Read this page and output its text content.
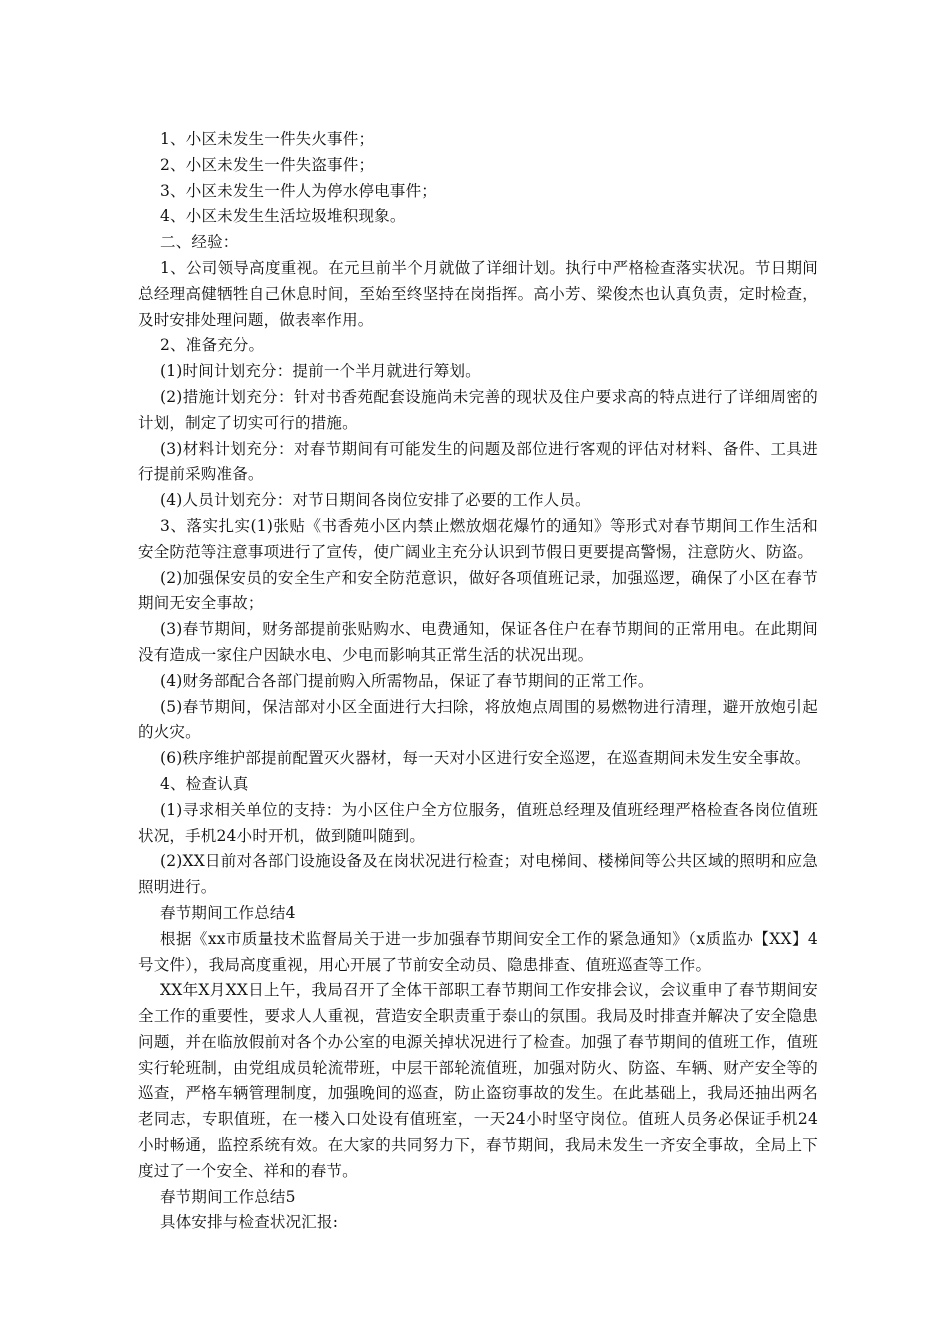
1、小区未发生一件失火事件；

2、小区未发生一件失盗事件；

3、小区未发生一件人为停水停电事件；

4、小区未发生生活垃圾堆积现象。

二、经验：

1、公司领导高度重视。在元旦前半个月就做了详细计划。执行中严格检查落实状况。节日期间总经理高健牺牲自己休息时间，至始至终坚持在岗指挥。高小芳、梁俊杰也认真负责，定时检查，及时安排处理问题，做表率作用。

2、准备充分。

(1)时间计划充分：提前一个半月就进行筹划。

(2)措施计划充分：针对书香苑配套设施尚未完善的现状及住户要求高的特点进行了详细周密的计划，制定了切实可行的措施。

(3)材料计划充分：对春节期间有可能发生的问题及部位进行客观的评估对材料、备件、工具进行提前采购准备。

(4)人员计划充分：对节日期间各岗位安排了必要的工作人员。

3、落实扎实(1)张贴《书香苑小区内禁止燃放烟花爆竹的通知》等形式对春节期间工作生活和安全防范等注意事项进行了宣传，使广阔业主充分认识到节假日更要提高警惕，注意防火、防盗。

(2)加强保安员的安全生产和安全防范意识，做好各项值班记录，加强巡逻，确保了小区在春节期间无安全事故；

(3)春节期间，财务部提前张贴购水、电费通知，保证各住户在春节期间的正常用电。在此期间没有造成一家住户因缺水电、少电而影响其正常生活的状况出现。

(4)财务部配合各部门提前购入所需物品，保证了春节期间的正常工作。

(5)春节期间，保洁部对小区全面进行大扫除，将放炮点周围的易燃物进行清理，避开放炮引起的火灾。

(6)秩序维护部提前配置灭火器材，每一天对小区进行安全巡逻，在巡查期间未发生安全事故。

4、检查认真

(1)寻求相关单位的支持：为小区住户全方位服务，值班总经理及值班经理严格检查各岗位值班状况，手机24小时开机，做到随叫随到。

(2)XX日前对各部门设施设备及在岗状况进行检查；对电梯间、楼梯间等公共区域的照明和应急照明进行。

春节期间工作总结4

根据《xx市质量技术监督局关于进一步加强春节期间安全工作的紧急通知》（x质监办【XX】4号文件），我局高度重视，用心开展了节前安全动员、隐患排查、值班巡查等工作。

XX年X月XX日上午，我局召开了全体干部职工春节期间工作安排会议，会议重申了春节期间安全工作的重要性，要求人人重视，营造安全职责重于泰山的氛围。我局及时排查并解决了安全隐患问题，并在临放假前对各个办公室的电源关掉状况进行了检查。加强了春节期间的值班工作，值班实行轮班制，由党组成员轮流带班，中层干部轮流值班，加强对防火、防盗、车辆、财产安全等的巡查，严格车辆管理制度，加强晚间的巡查，防止盗窃事故的发生。在此基础上，我局还抽出两名老同志，专职值班，在一楼入口处设有值班室，一天24小时坚守岗位。值班人员务必保证手机24小时畅通，监控系统有效。在大家的共同努力下，春节期间，我局未发生一齐安全事故，全局上下度过了一个安全、祥和的春节。

春节期间工作总结5

具体安排与检查状况汇报:
